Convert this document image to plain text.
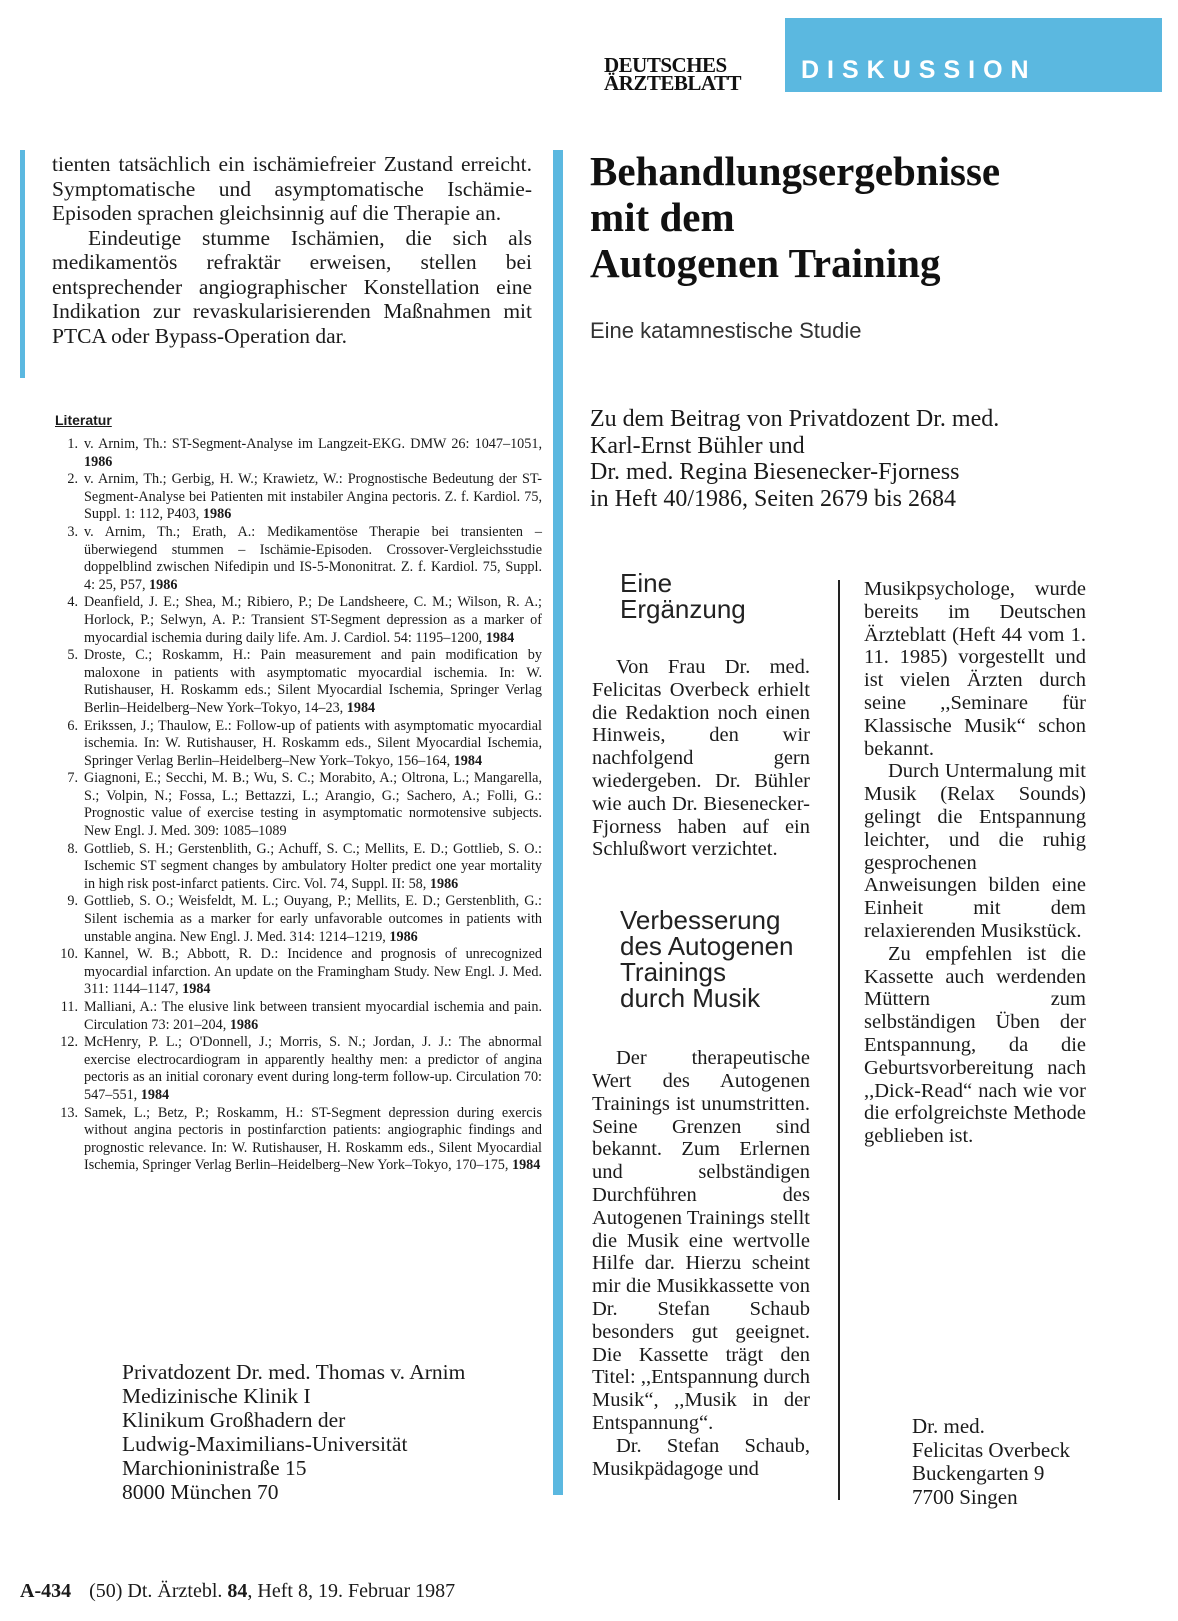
DEUTSCHES
ÄRZTEBLATT	DISKUSSION

tienten tatsächlich ein ischämiefreier Zustand erreicht. Symptomatische und asymptomatische Ischämie-Episoden sprachen gleichsinnig auf die Therapie an.

Eindeutige stumme Ischämien, die sich als medikamentös refraktär erweisen, stellen bei entsprechender angiographischer Konstellation eine Indikation zur revaskularisierenden Maßnahmen mit PTCA oder Bypass-Operation dar.

Literatur
1. v. Arnim, Th.: ST-Segment-Analyse im Langzeit-EKG. DMW 26: 1047–1051, 1986
2. v. Arnim, Th.; Gerbig, H. W.; Krawietz, W.: Prognostische Bedeutung der ST-Segment-Analyse bei Patienten mit instabiler Angina pectoris. Z. f. Kardiol. 75, Suppl. 1: 112, P403, 1986
3. v. Arnim, Th.; Erath, A.: Medikamentöse Therapie bei transienten – überwiegend stummen – Ischämie-Episoden. Crossover-Vergleichsstudie doppelblind zwischen Nifedipin und IS-5-Mononitrat. Z. f. Kardiol. 75, Suppl. 4: 25, P57, 1986
4. Deanfield, J. E.; Shea, M.; Ribiero, P.; De Landsheere, C. M.; Wilson, R. A.; Horlock, P.; Selwyn, A. P.: Transient ST-Segment depression as a marker of myocardial ischemia during daily life. Am. J. Cardiol. 54: 1195–1200, 1984
5. Droste, C.; Roskamm, H.: Pain measurement and pain modification by maloxone in patients with asymptomatic myocardial ischemia. In: W. Rutishauser, H. Roskamm eds.; Silent Myocardial Ischemia, Springer Verlag Berlin–Heidelberg–New York–Tokyo, 14–23, 1984
6. Erikssen, J.; Thaulow, E.: Follow-up of patients with asymptomatic myocardial ischemia. In: W. Rutishauser, H. Roskamm eds., Silent Myocardial Ischemia, Springer Verlag Berlin–Heidelberg–New York–Tokyo, 156–164, 1984
7. Giagnoni, E.; Secchi, M. B.; Wu, S. C.; Morabito, A.; Oltrona, L.; Mangarella, S.; Volpin, N.; Fossa, L.; Bettazzi, L.; Arangio, G.; Sachero, A.; Folli, G.: Prognostic value of exercise testing in asymptomatic normotensive subjects. New Engl. J. Med. 309: 1085–1089
8. Gottlieb, S. H.; Gerstenblith, G.; Achuff, S. C.; Mellits, E. D.; Gottlieb, S. O.: Ischemic ST segment changes by ambulatory Holter predict one year mortality in high risk post-infarct patients. Circ. Vol. 74, Suppl. II: 58, 1986
9. Gottlieb, S. O.; Weisfeldt, M. L.; Ouyang, P.; Mellits, E. D.; Gerstenblith, G.: Silent ischemia as a marker for early unfavorable outcomes in patients with unstable angina. New Engl. J. Med. 314: 1214–1219, 1986
10. Kannel, W. B.; Abbott, R. D.: Incidence and prognosis of unrecognized myocardial infarction. An update on the Framingham Study. New Engl. J. Med. 311: 1144–1147, 1984
11. Malliani, A.: The elusive link between transient myocardial ischemia and pain. Circulation 73: 201–204, 1986
12. McHenry, P. L.; O'Donnell, J.; Morris, S. N.; Jordan, J. J.: The abnormal exercise electrocardiogram in apparently healthy men: a predictor of angina pectoris as an initial coronary event during long-term follow-up. Circulation 70: 547–551, 1984
13. Samek, L.; Betz, P.; Roskamm, H.: ST-Segment depression during exercis without angina pectoris in postinfarction patients: angiographic findings and prognostic relevance. In: W. Rutishauser, H. Roskamm eds., Silent Myocardial Ischemia, Springer Verlag Berlin–Heidelberg–New York–Tokyo, 170–175, 1984
Privatdozent Dr. med. Thomas v. Arnim
Medizinische Klinik I
Klinikum Großhadern der
Ludwig-Maximilians-Universität
Marchioninistraße 15
8000 München 70
A-434 (50) Dt. Ärztebl. 84, Heft 8, 19. Februar 1987
Behandlungsergebnisse
mit dem
Autogenen Training
Eine katamnestische Studie
Zu dem Beitrag von Privatdozent Dr. med.
Karl-Ernst Bühler und
Dr. med. Regina Biesenecker-Fjorness
in Heft 40/1986, Seiten 2679 bis 2684
Eine
Ergänzung

Von Frau Dr. med. Felicitas Overbeck erhielt die Redaktion noch einen Hinweis, den wir nachfolgend gern wiedergeben. Dr. Bühler wie auch Dr. Biesenecker-Fjorness haben auf ein Schlußwort verzichtet.

Verbesserung
des Autogenen
Trainings
durch Musik

Der therapeutische Wert des Autogenen Trainings ist unumstritten. Seine Grenzen sind bekannt. Zum Erlernen und selbständigen Durchführen des Autogenen Trainings stellt die Musik eine wertvolle Hilfe dar. Hierzu scheint mir die Musikkassette von Dr. Stefan Schaub besonders gut geeignet. Die Kassette trägt den Titel: ,,Entspannung durch Musik“, ,,Musik in der Entspannung“.

Dr. Stefan Schaub, Musikpädagoge und

Musikpsychologe, wurde bereits im Deutschen Ärzteblatt (Heft 44 vom 1. 11. 1985) vorgestellt und ist vielen Ärzten durch seine ,,Seminare für Klassische Musik“ schon bekannt.

Durch Untermalung mit Musik (Relax Sounds) gelingt die Entspannung leichter, und die ruhig gesprochenen Anweisungen bilden eine Einheit mit dem relaxierenden Musikstück.

Zu empfehlen ist die Kassette auch werdenden Müttern zum selbständigen Üben der Entspannung, da die Geburtsvorbereitung nach ,,Dick-Read“ nach wie vor die erfolgreichste Methode geblieben ist.

Dr. med.
Felicitas Overbeck
Buckengarten 9
7700 Singen
